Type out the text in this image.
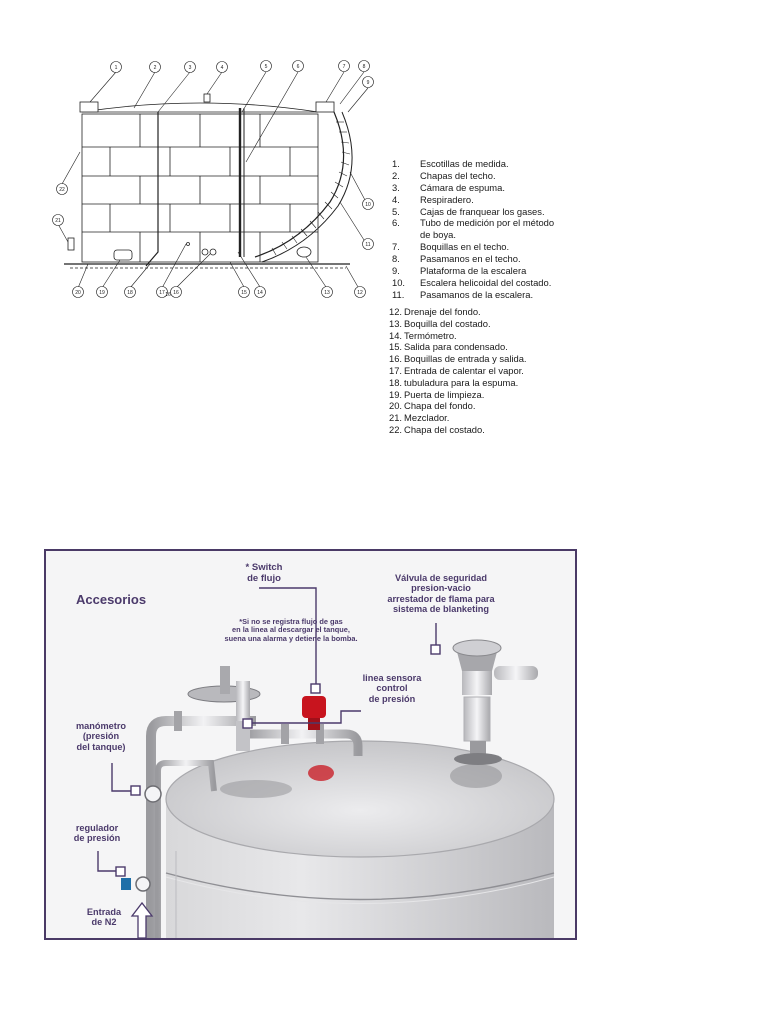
1	2	3	4	5	6	7	8
9
10
11
12
13
14
15
16
17 16
18
19
20
21
22
1. Escotillas de medida.
2. Chapas del techo.
3. Cámara de espuma.
4. Respiradero.
5. Cajas de franquear los gases.
6. Tubo de medición por el método
de boya.
7. Boquillas en el techo.
8. Pasamanos en el techo.
9. Plataforma de la escalera
10. Escalera helicoidal del costado.
11. Pasamanos de la escalera.
12. Drenaje del fondo.
13. Boquilla del costado.
14. Termómetro.
15. Salida para condensado.
16. Boquillas de entrada y salida.
17. Entrada de calentar el vapor.
18. tubuladura para la espuma.
19. Puerta de limpieza.
20. Chapa del fondo.
21. Mezclador.
22. Chapa del costado.
Accesorios
* Switch
de flujo
*Si no se registra flujo de gas
en la linea al descargar el tanque,
suena una alarma y detiene la bomba.
Válvula de seguridad
presion-vacio
arrestador de flama para
sistema de blanketing
linea sensora
control
de presión
manómetro
(presión
del tanque)
regulador
de presión
Entrada
de N2
